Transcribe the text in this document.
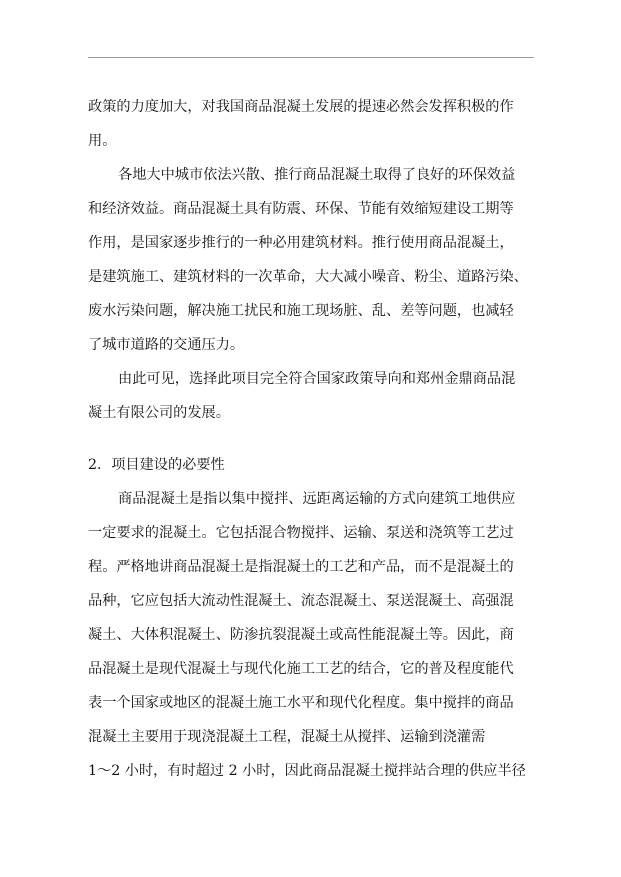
政策的力度加大，对我国商品混凝土发展的提速必然会发挥积极的作
用。
各地大中城市依法兴散、推行商品混凝土取得了良好的环保效益
和经济效益。商品混凝土具有防震、环保、节能有效缩短建设工期等
作用，是国家逐步推行的一种必用建筑材料。推行使用商品混凝土，
是建筑施工、建筑材料的一次革命，大大减小噪音、粉尘、道路污染、
废水污染问题，解决施工扰民和施工现场脏、乱、差等问题，也减轻
了城市道路的交通压力。
由此可见，选择此项目完全符合国家政策导向和郑州金鼎商品混
凝土有限公司的发展。
2．项目建设的必要性
商品混凝土是指以集中搅拌、远距离运输的方式向建筑工地供应
一定要求的混凝土。它包括混合物搅拌、运输、泵送和浇筑等工艺过
程。严格地讲商品混凝土是指混凝土的工艺和产品，而不是混凝土的
品种，它应包括大流动性混凝土、流态混凝土、泵送混凝土、高强混
凝土、大体积混凝土、防渗抗裂混凝土或高性能混凝土等。因此，商
品混凝土是现代混凝土与现代化施工工艺的结合，它的普及程度能代
表一个国家或地区的混凝土施工水平和现代化程度。集中搅拌的商品
混凝土主要用于现浇混凝土工程，混凝土从搅拌、运输到浇灌需
1～2 小时，有时超过 2 小时，因此商品混凝土搅拌站合理的供应半径
